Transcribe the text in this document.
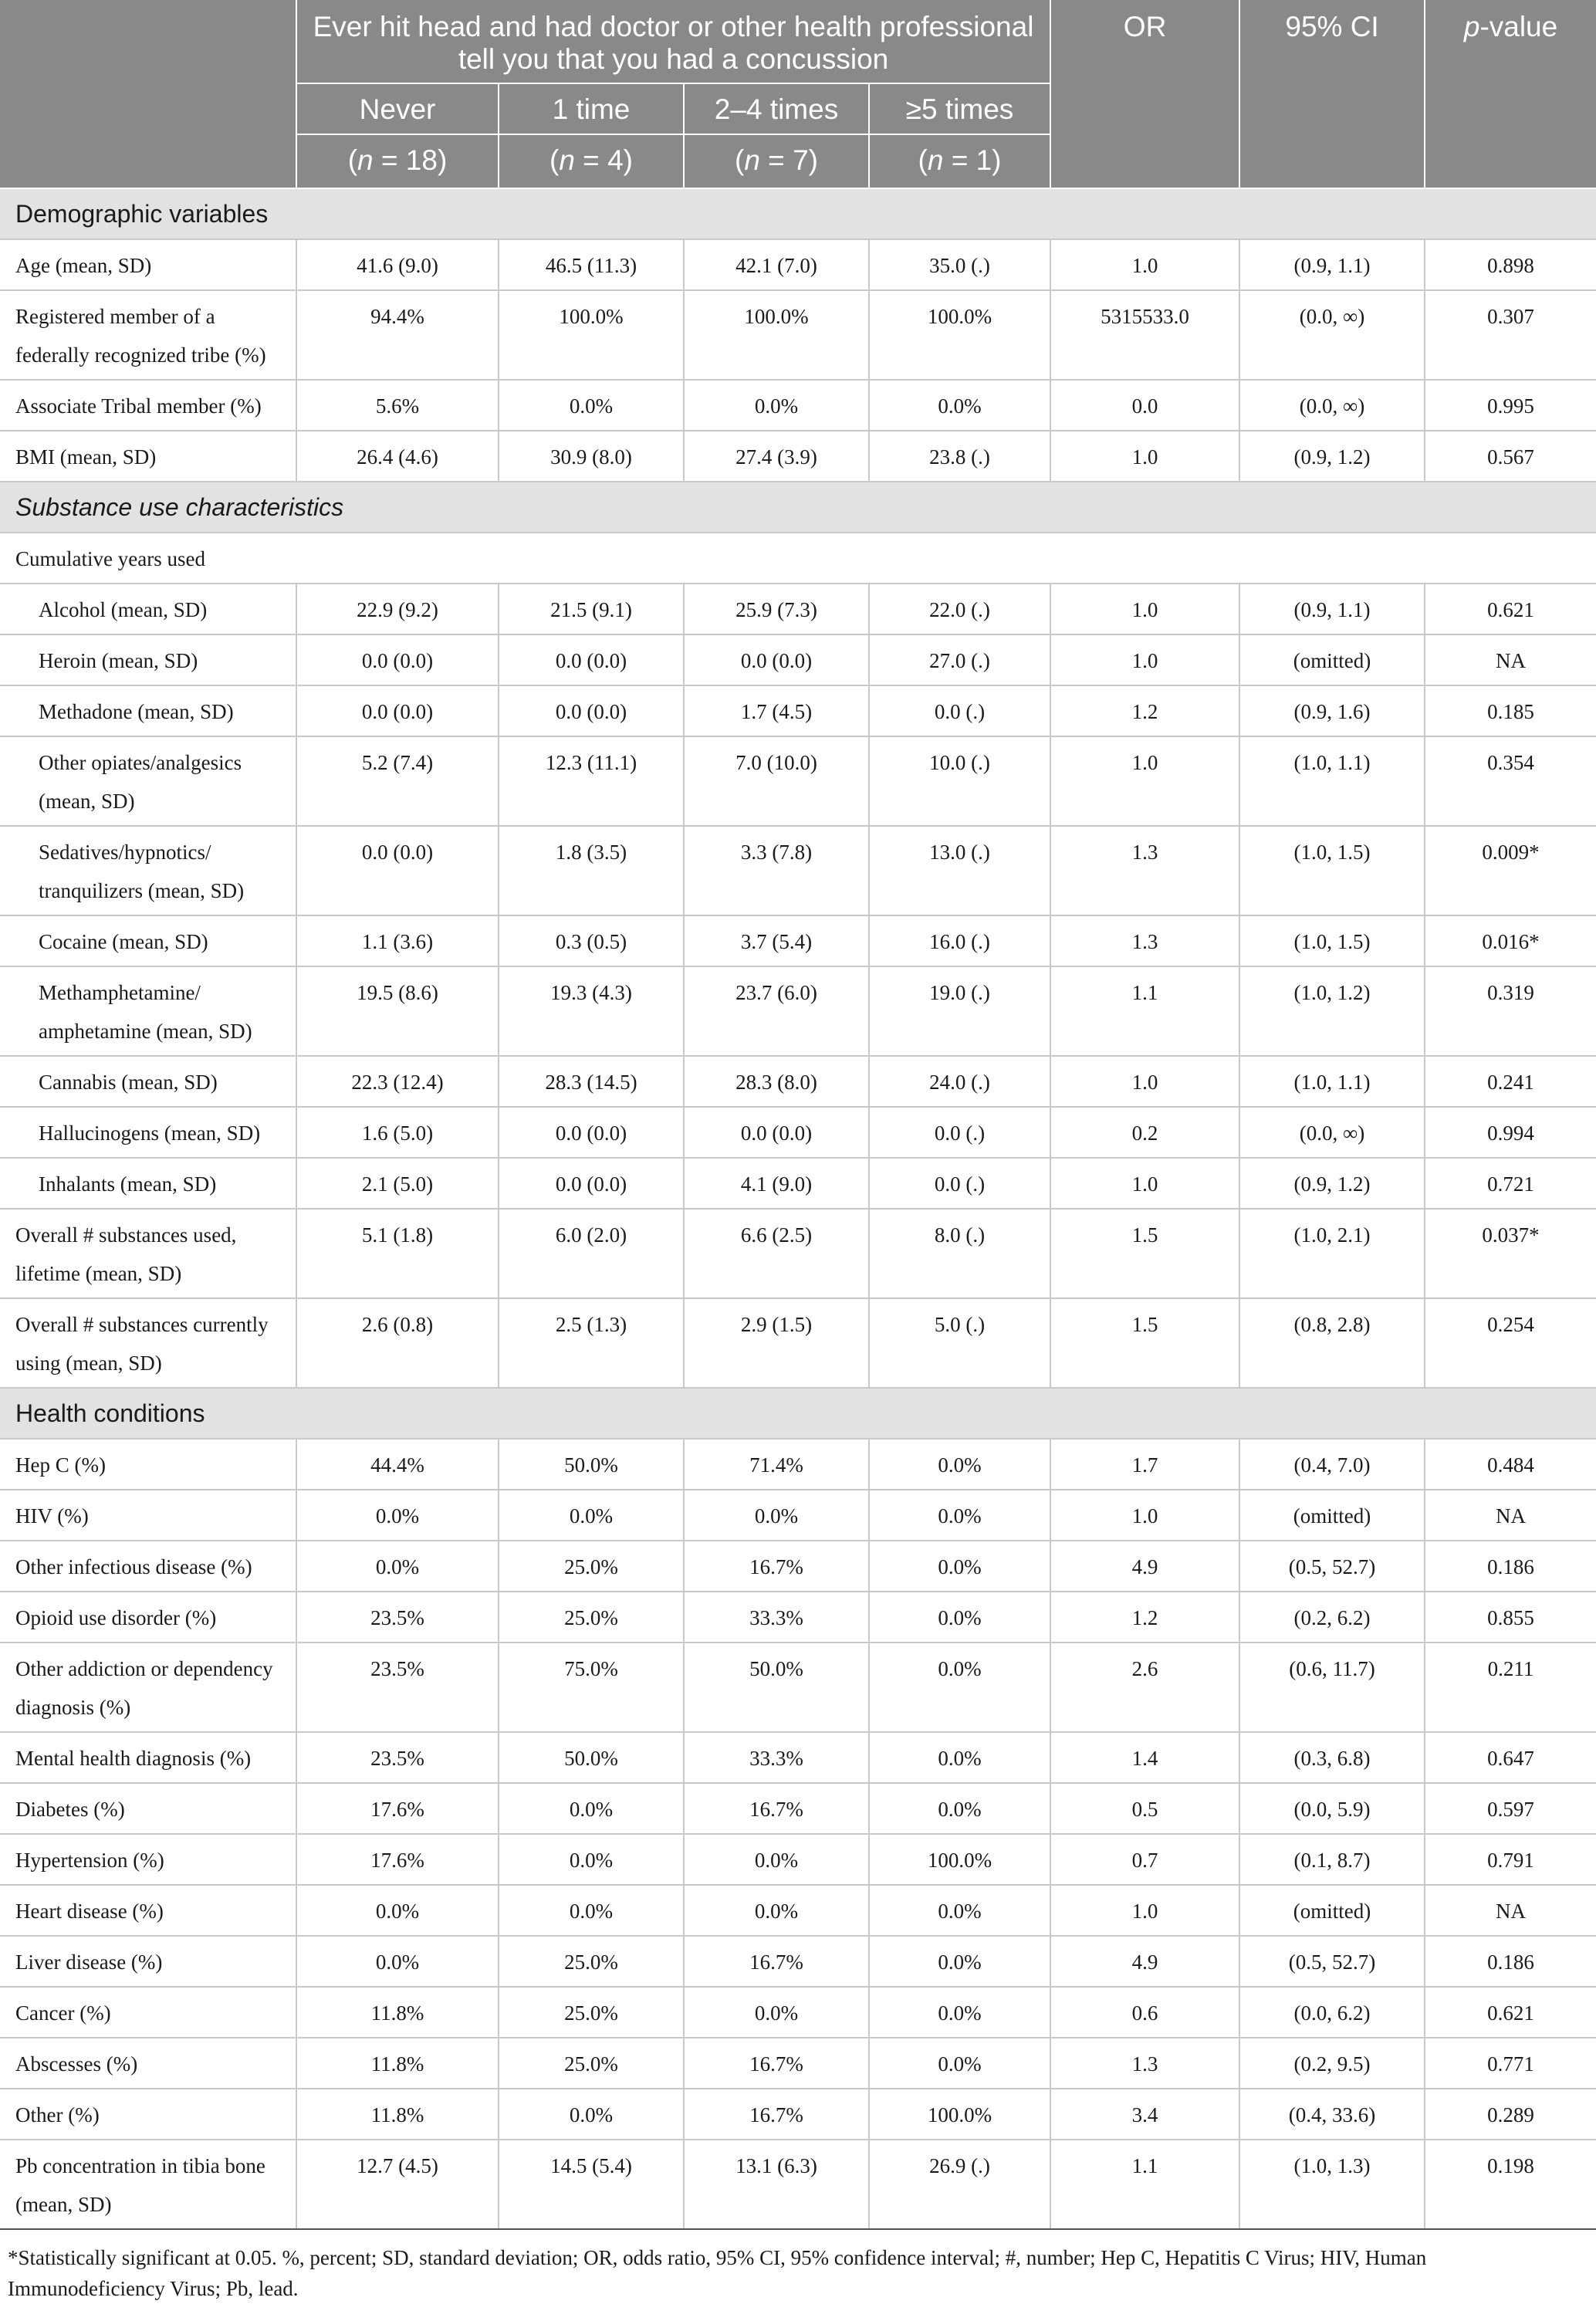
	Ever hit head and had doctor or other health professional tell you that you had a concussion				OR	95% CI	p-value
	Never	1 time	2–4 times	≥5 times			
	(n = 18)	(n = 4)	(n = 7)	(n = 1)			
Demographic variables							
Age (mean, SD)	41.6 (9.0)	46.5 (11.3)	42.1 (7.0)	35.0 (.)	1.0	(0.9, 1.1)	0.898
Registered member of a federally recognized tribe (%)	94.4%	100.0%	100.0%	100.0%	5315533.0	(0.0, ∞)	0.307
Associate Tribal member (%)	5.6%	0.0%	0.0%	0.0%	0.0	(0.0, ∞)	0.995
BMI (mean, SD)	26.4 (4.6)	30.9 (8.0)	27.4 (3.9)	23.8 (.)	1.0	(0.9, 1.2)	0.567
Substance use characteristics							
Cumulative years used							
Alcohol (mean, SD)	22.9 (9.2)	21.5 (9.1)	25.9 (7.3)	22.0 (.)	1.0	(0.9, 1.1)	0.621
Heroin (mean, SD)	0.0 (0.0)	0.0 (0.0)	0.0 (0.0)	27.0 (.)	1.0	(omitted)	NA
Methadone (mean, SD)	0.0 (0.0)	0.0 (0.0)	1.7 (4.5)	0.0 (.)	1.2	(0.9, 1.6)	0.185
Other opiates/analgesics (mean, SD)	5.2 (7.4)	12.3 (11.1)	7.0 (10.0)	10.0 (.)	1.0	(1.0, 1.1)	0.354
Sedatives/hypnotics/ tranquilizers (mean, SD)	0.0 (0.0)	1.8 (3.5)	3.3 (7.8)	13.0 (.)	1.3	(1.0, 1.5)	0.009*
Cocaine (mean, SD)	1.1 (3.6)	0.3 (0.5)	3.7 (5.4)	16.0 (.)	1.3	(1.0, 1.5)	0.016*
Methamphetamine/ amphetamine (mean, SD)	19.5 (8.6)	19.3 (4.3)	23.7 (6.0)	19.0 (.)	1.1	(1.0, 1.2)	0.319
Cannabis (mean, SD)	22.3 (12.4)	28.3 (14.5)	28.3 (8.0)	24.0 (.)	1.0	(1.0, 1.1)	0.241
Hallucinogens (mean, SD)	1.6 (5.0)	0.0 (0.0)	0.0 (0.0)	0.0 (.)	0.2	(0.0, ∞)	0.994
Inhalants (mean, SD)	2.1 (5.0)	0.0 (0.0)	4.1 (9.0)	0.0 (.)	1.0	(0.9, 1.2)	0.721
Overall # substances used, lifetime (mean, SD)	5.1 (1.8)	6.0 (2.0)	6.6 (2.5)	8.0 (.)	1.5	(1.0, 2.1)	0.037*
Overall # substances currently using (mean, SD)	2.6 (0.8)	2.5 (1.3)	2.9 (1.5)	5.0 (.)	1.5	(0.8, 2.8)	0.254
Health conditions							
Hep C (%)	44.4%	50.0%	71.4%	0.0%	1.7	(0.4, 7.0)	0.484
HIV (%)	0.0%	0.0%	0.0%	0.0%	1.0	(omitted)	NA
Other infectious disease (%)	0.0%	25.0%	16.7%	0.0%	4.9	(0.5, 52.7)	0.186
Opioid use disorder (%)	23.5%	25.0%	33.3%	0.0%	1.2	(0.2, 6.2)	0.855
Other addiction or dependency diagnosis (%)	23.5%	75.0%	50.0%	0.0%	2.6	(0.6, 11.7)	0.211
Mental health diagnosis (%)	23.5%	50.0%	33.3%	0.0%	1.4	(0.3, 6.8)	0.647
Diabetes (%)	17.6%	0.0%	16.7%	0.0%	0.5	(0.0, 5.9)	0.597
Hypertension (%)	17.6%	0.0%	0.0%	100.0%	0.7	(0.1, 8.7)	0.791
Heart disease (%)	0.0%	0.0%	0.0%	0.0%	1.0	(omitted)	NA
Liver disease (%)	0.0%	25.0%	16.7%	0.0%	4.9	(0.5, 52.7)	0.186
Cancer (%)	11.8%	25.0%	0.0%	0.0%	0.6	(0.0, 6.2)	0.621
Abscesses (%)	11.8%	25.0%	16.7%	0.0%	1.3	(0.2, 9.5)	0.771
Other (%)	11.8%	0.0%	16.7%	100.0%	3.4	(0.4, 33.6)	0.289
Pb concentration in tibia bone (mean, SD)	12.7 (4.5)	14.5 (5.4)	13.1 (6.3)	26.9 (.)	1.1	(1.0, 1.3)	0.198
*Statistically significant at 0.05. %, percent; SD, standard deviation; OR, odds ratio, 95% CI, 95% confidence interval; #, number; Hep C, Hepatitis C Virus; HIV, Human Immunodeficiency Virus; Pb, lead.
